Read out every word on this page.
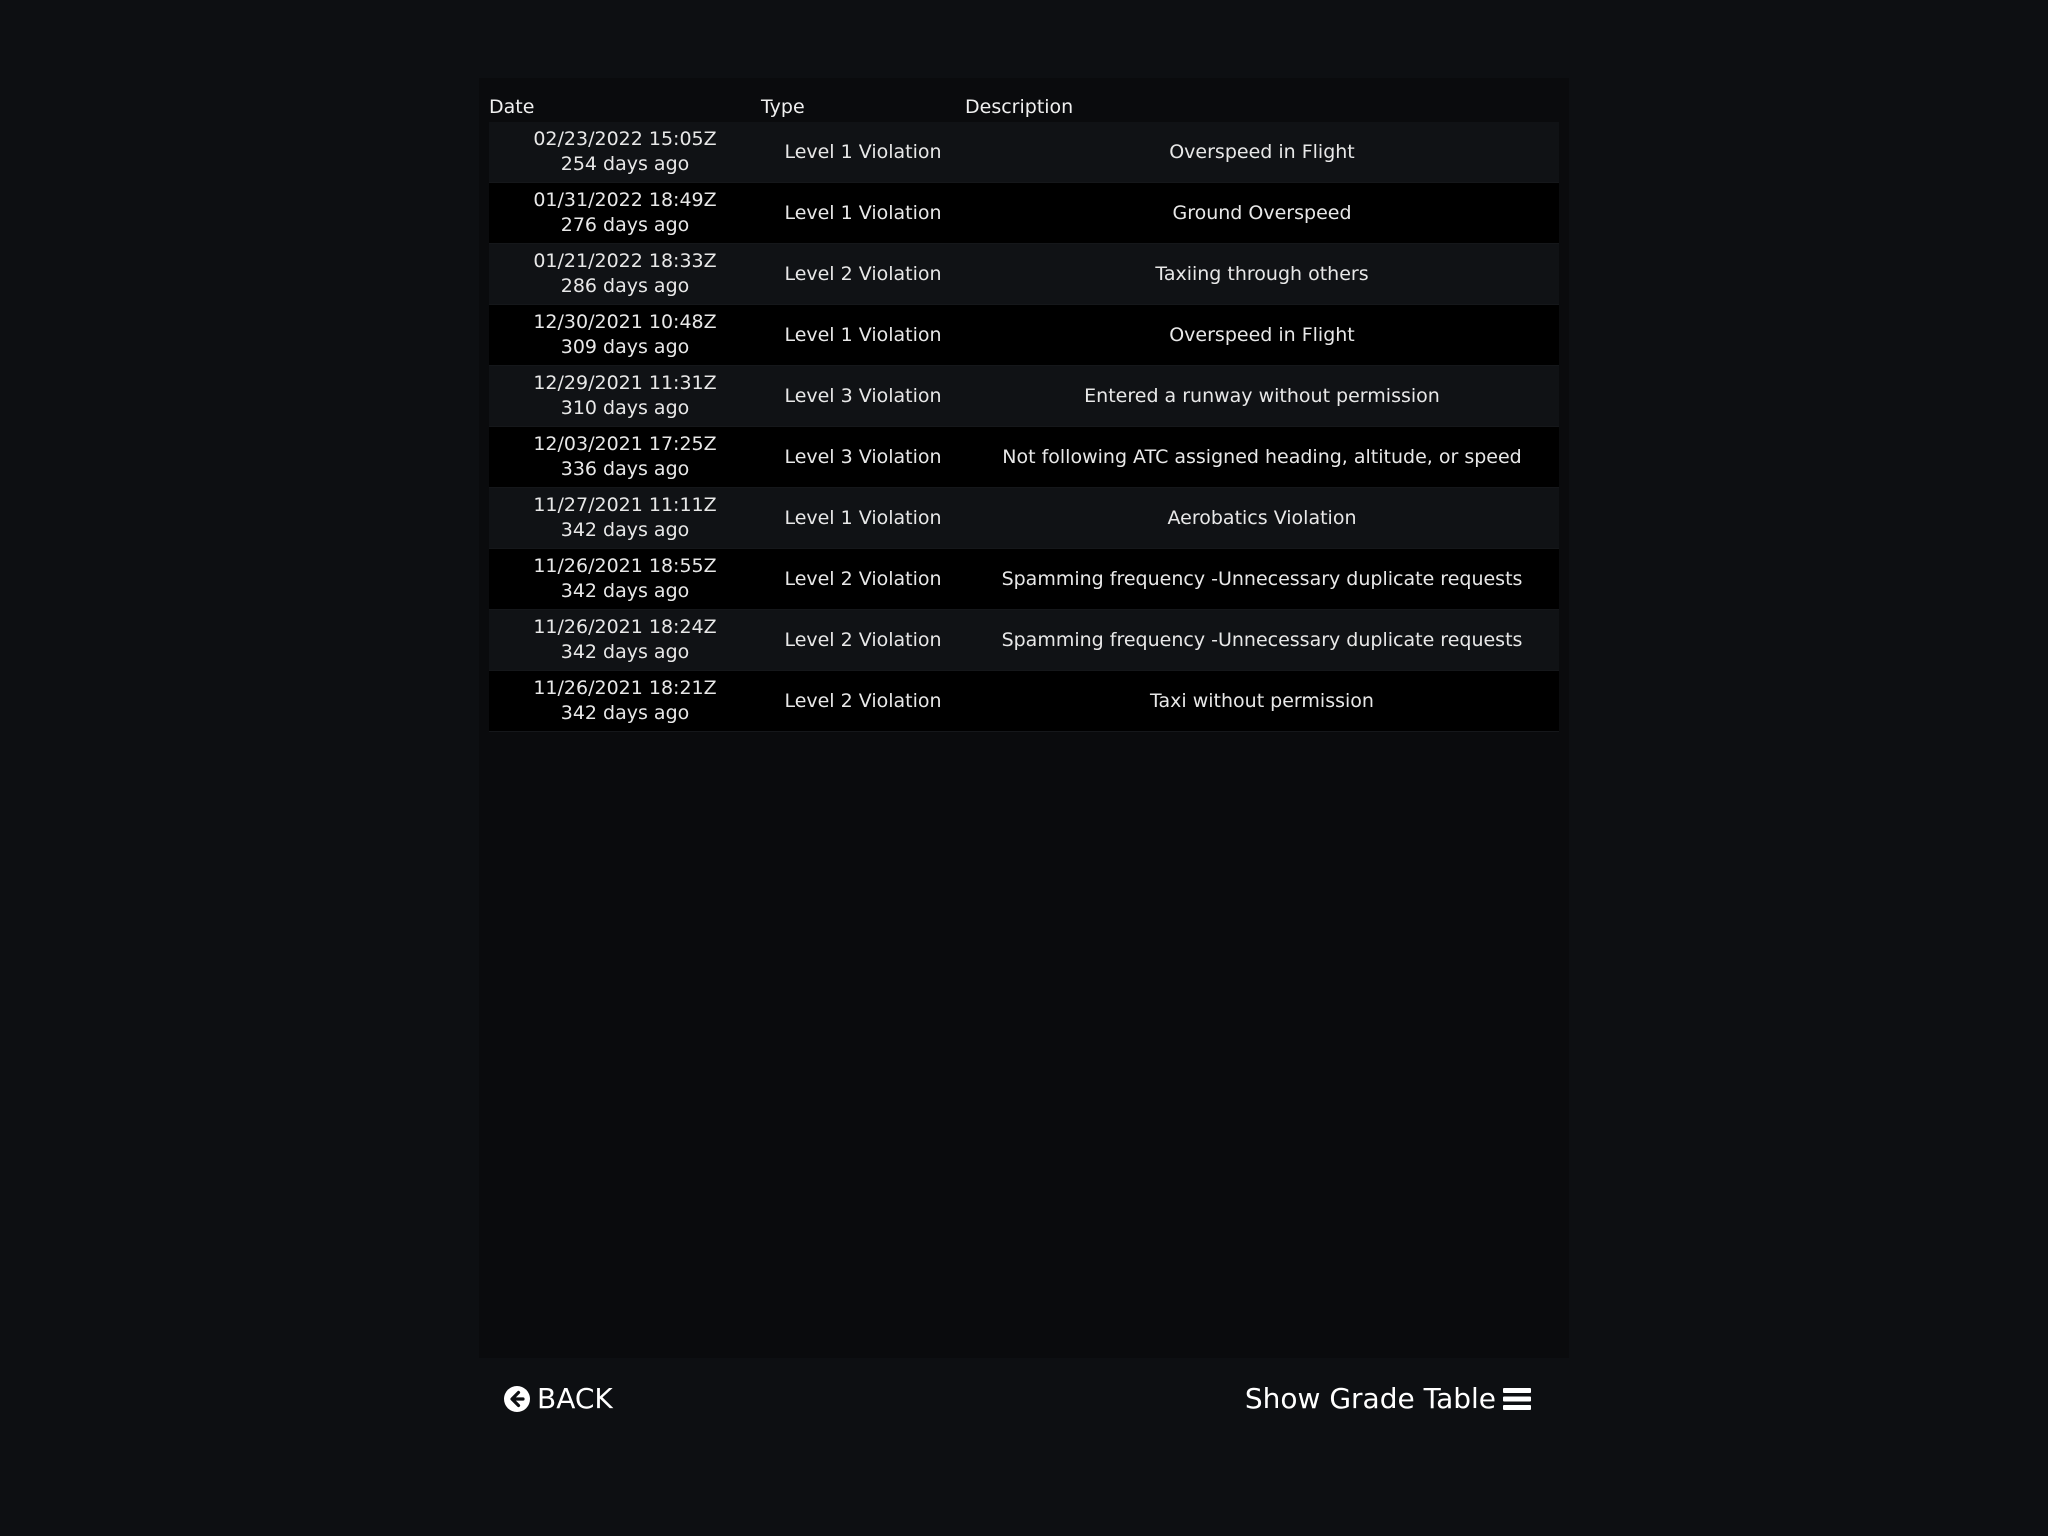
Date	Type	Description
02/23/2022 15:05Z
254 days ago
Level 1 Violation	Overspeed in Flight
01/31/2022 18:49Z
276 days ago
Level 1 Violation	Ground Overspeed
01/21/2022 18:33Z
286 days ago
Level 2 Violation	Taxiing through others
12/30/2021 10:48Z
309 days ago
Level 1 Violation	Overspeed in Flight
12/29/2021 11:31Z
310 days ago
Level 3 Violation	Entered a runway without permission
12/03/2021 17:25Z
336 days ago
Level 3 Violation	Not following ATC assigned heading, altitude, or speed
11/27/2021 11:11Z
342 days ago
Level 1 Violation	Aerobatics Violation
11/26/2021 18:55Z
342 days ago
Level 2 Violation	Spamming frequency -Unnecessary duplicate requests
11/26/2021 18:24Z
342 days ago
Level 2 Violation	Spamming frequency -Unnecessary duplicate requests
11/26/2021 18:21Z
342 days ago
Level 2 Violation	Taxi without permission
BACK	Show Grade Table
